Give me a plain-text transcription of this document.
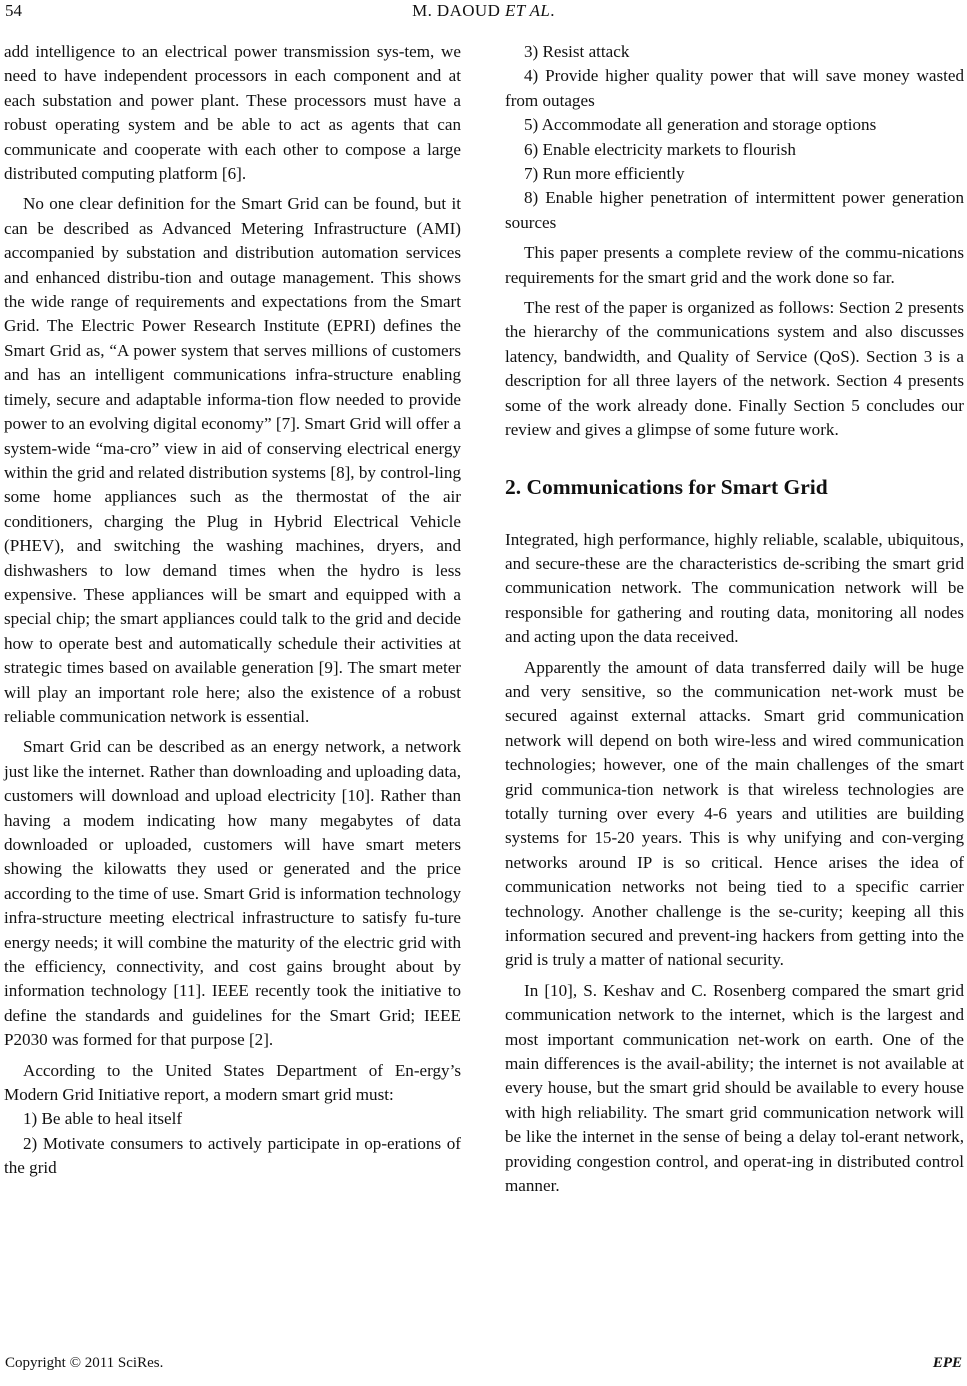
54	M. DAOUD ET AL.

add intelligence to an electrical power transmission sys-tem, we need to have independent processors in each component and at each substation and power plant. These processors must have a robust operating system and be able to act as agents that can communicate and cooperate with each other to compose a large distributed computing platform [6].

No one clear definition for the Smart Grid can be found, but it can be described as Advanced Metering Infrastructure (AMI) accompanied by substation and distribution automation services and enhanced distribu-tion and outage management. This shows the wide range of requirements and expectations from the Smart Grid. The Electric Power Research Institute (EPRI) defines the Smart Grid as, “A power system that serves millions of customers and has an intelligent communications infra-structure enabling timely, secure and adaptable informa-tion flow needed to provide power to an evolving digital economy” [7]. Smart Grid will offer a system-wide “ma-cro” view in aid of conserving electrical energy within the grid and related distribution systems [8], by control-ling some home appliances such as the thermostat of the air conditioners, charging the Plug in Hybrid Electrical Vehicle (PHEV), and switching the washing machines, dryers, and dishwashers to low demand times when the hydro is less expensive. These appliances will be smart and equipped with a special chip; the smart appliances could talk to the grid and decide how to operate best and automatically schedule their activities at strategic times based on available generation [9]. The smart meter will play an important role here; also the existence of a robust reliable communication network is essential.

Smart Grid can be described as an energy network, a network just like the internet. Rather than downloading and uploading data, customers will download and upload electricity [10]. Rather than having a modem indicating how many megabytes of data downloaded or uploaded, customers will have smart meters showing the kilowatts they used or generated and the price according to the time of use. Smart Grid is information technology infra-structure meeting electrical infrastructure to satisfy fu-ture energy needs; it will combine the maturity of the electric grid with the efficiency, connectivity, and cost gains brought about by information technology [11]. IEEE recently took the initiative to define the standards and guidelines for the Smart Grid; IEEE P2030 was formed for that purpose [2].

According to the United States Department of En-ergy’s Modern Grid Initiative report, a modern smart grid must:

1) Be able to heal itself

2) Motivate consumers to actively participate in op-erations of the grid

3) Resist attack

4) Provide higher quality power that will save money wasted from outages

5) Accommodate all generation and storage options

6) Enable electricity markets to flourish

7) Run more efficiently

8) Enable higher penetration of intermittent power generation sources

This paper presents a complete review of the commu-nications requirements for the smart grid and the work done so far.

The rest of the paper is organized as follows: Section 2 presents the hierarchy of the communications system and also discusses latency, bandwidth, and Quality of Service (QoS). Section 3 is a description for all three layers of the network. Section 4 presents some of the work already done. Finally Section 5 concludes our review and gives a glimpse of some future work.

2. Communications for Smart Grid

Integrated, high performance, highly reliable, scalable, ubiquitous, and secure-these are the characteristics de-scribing the smart grid communication network. The communication network will be responsible for gathering and routing data, monitoring all nodes and acting upon the data received.

Apparently the amount of data transferred daily will be huge and very sensitive, so the communication net-work must be secured against external attacks. Smart grid communication network will depend on both wire-less and wired communication technologies; however, one of the main challenges of the smart grid communica-tion network is that wireless technologies are totally turning over every 4-6 years and utilities are building systems for 15-20 years. This is why unifying and con-verging networks around IP is so critical. Hence arises the idea of communication networks not being tied to a specific carrier technology. Another challenge is the se-curity; keeping all this information secured and prevent-ing hackers from getting into the grid is truly a matter of national security.

In [10], S. Keshav and C. Rosenberg compared the smart grid communication network to the internet, which is the largest and most important communication net-work on earth. One of the main differences is the avail-ability; the internet is not available at every house, but the smart grid should be available to every house with high reliability. The smart grid communication network will be like the internet in the sense of being a delay tol-erant network, providing congestion control, and operat-ing in distributed control manner.

Copyright © 2011 SciRes.	EPE
